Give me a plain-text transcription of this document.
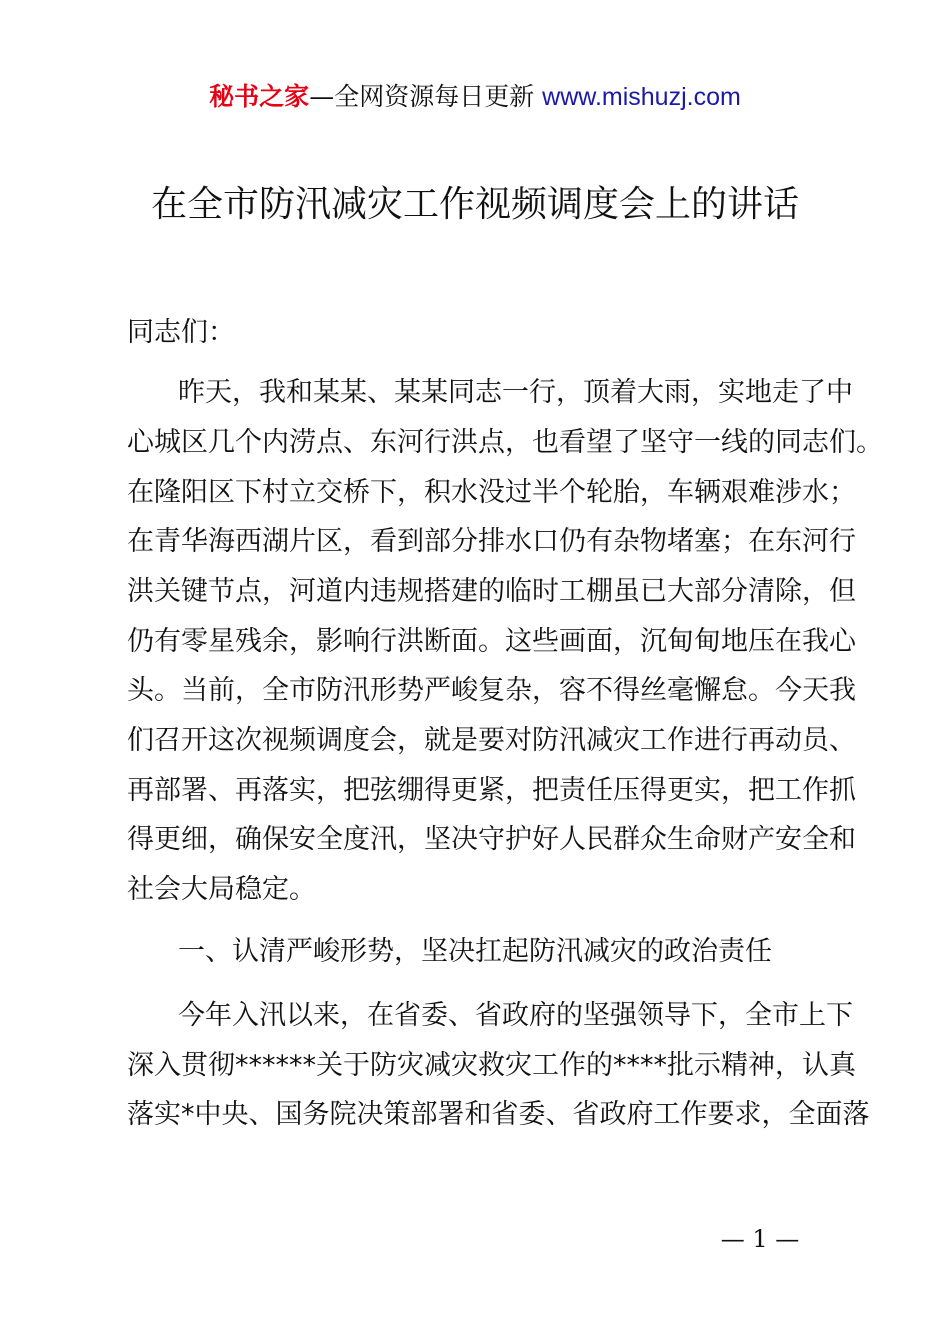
秘书之家—全网资源每日更新 www.mishuzj.com
在全市防汛减灾工作视频调度会上的讲话
同志们：
昨天，我和某某、某某同志一行，顶着大雨，实地走了中
心城区几个内涝点、东河行洪点，也看望了坚守一线的同志们。
在隆阳区下村立交桥下，积水没过半个轮胎，车辆艰难涉水；
在青华海西湖片区，看到部分排水口仍有杂物堵塞；在东河行
洪关键节点，河道内违规搭建的临时工棚虽已大部分清除，但
仍有零星残余，影响行洪断面。这些画面，沉甸甸地压在我心
头。当前，全市防汛形势严峻复杂，容不得丝毫懈怠。今天我
们召开这次视频调度会，就是要对防汛减灾工作进行再动员、
再部署、再落实，把弦绷得更紧，把责任压得更实，把工作抓
得更细，确保安全度汛，坚决守护好人民群众生命财产安全和
社会大局稳定。
一、认清严峻形势，坚决扛起防汛减灾的政治责任
今年入汛以来，在省委、省政府的坚强领导下，全市上下
深入贯彻******关于防灾减灾救灾工作的****批示精神，认真
落实*中央、国务院决策部署和省委、省政府工作要求，全面落
— 1 —
